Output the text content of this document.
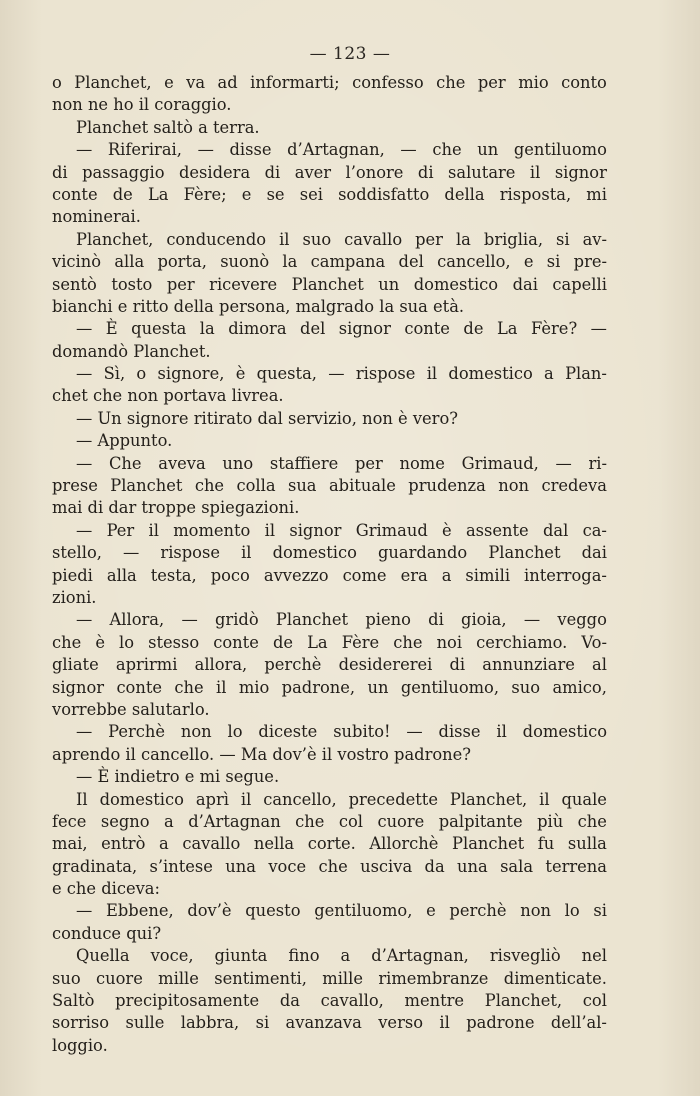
— 123 —
o Planchet, e va ad informarti; confesso che per mio conto
non ne ho il coraggio.
Planchet saltò a terra.
— Riferirai, — disse d’Artagnan, — che un gentiluomo
di passaggio desidera di aver l’onore di salutare il signor
conte de La Fère; e se sei soddisfatto della risposta, mi
nominerai.
Planchet, conducendo il suo cavallo per la briglia, si av-
vicinò alla porta, suonò la campana del cancello, e si pre-
sentò tosto per ricevere Planchet un domestico dai capelli
bianchi e ritto della persona, malgrado la sua età.
— È questa la dimora del signor conte de La Fère? —
domandò Planchet.
— Sì, o signore, è questa, — rispose il domestico a Plan-
chet che non portava livrea.
— Un signore ritirato dal servizio, non è vero?
— Appunto.
— Che aveva uno staffiere per nome Grimaud, — ri-
prese Planchet che colla sua abituale prudenza non credeva
mai di dar troppe spiegazioni.
— Per il momento il signor Grimaud è assente dal ca-
stello, — rispose il domestico guardando Planchet dai
piedi alla testa, poco avvezzo come era a simili interroga-
zioni.
— Allora, — gridò Planchet pieno di gioia, — veggo
che è lo stesso conte de La Fère che noi cerchiamo. Vo-
gliate aprirmi allora, perchè desidererei di annunziare al
signor conte che il mio padrone, un gentiluomo, suo amico,
vorrebbe salutarlo.
— Perchè non lo diceste subito! — disse il domestico
aprendo il cancello. — Ma dov’è il vostro padrone?
— È indietro e mi segue.
Il domestico aprì il cancello, precedette Planchet, il quale
fece segno a d’Artagnan che col cuore palpitante più che
mai, entrò a cavallo nella corte. Allorchè Planchet fu sulla
gradinata, s’intese una voce che usciva da una sala terrena
e che diceva:
— Ebbene, dov’è questo gentiluomo, e perchè non lo si
conduce qui?
Quella voce, giunta fino a d’Artagnan, risvegliò nel
suo cuore mille sentimenti, mille rimembranze dimenticate.
Saltò precipitosamente da cavallo, mentre Planchet, col
sorriso sulle labbra, si avanzava verso il padrone dell’al-
loggio.
